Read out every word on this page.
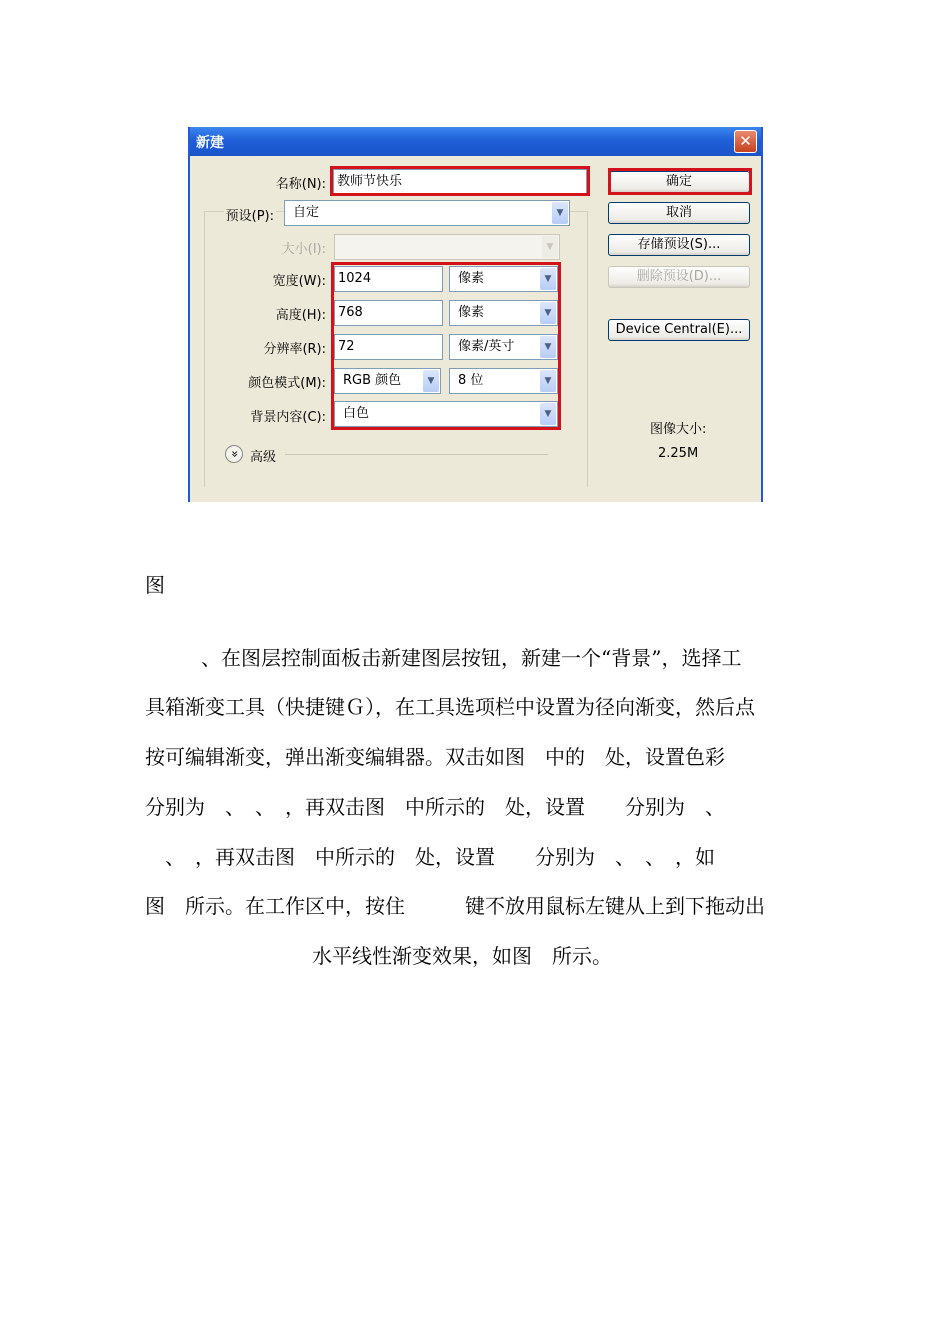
新建	✕
名称(N): 教师节快乐
预设(P):	自定	▼
大小(I):	▼
宽度(W): 1024	像素	▼
高度(H): 768	像素	▼
分辨率(R): 72	像素/英寸	▼
颜色模式(M):	RGB 颜色	▼	8 位	▼
背景内容(C):	白色	▼
» 高级
确定
取消
存储预设(S)...
删除预设(D)...
Device Central(E)...
图像大小:
2.25M
图
、在图层控制面板击新建图层按钮，新建一个“背景”，选择工
具箱渐变工具（快捷键Ｇ），在工具选项栏中设置为径向渐变，然后点
按可编辑渐变，弹出渐变编辑器。双击如图　中的　处，设置色彩
分别为　、　、　，再双击图　中所示的　处，设置　　分别为　、
　、　，再双击图　中所示的　处，设置　　分别为　、　、　，如
图　所示。在工作区中，按住　　　键不放用鼠标左键从上到下拖动出
水平线性渐变效果，如图　所示。
